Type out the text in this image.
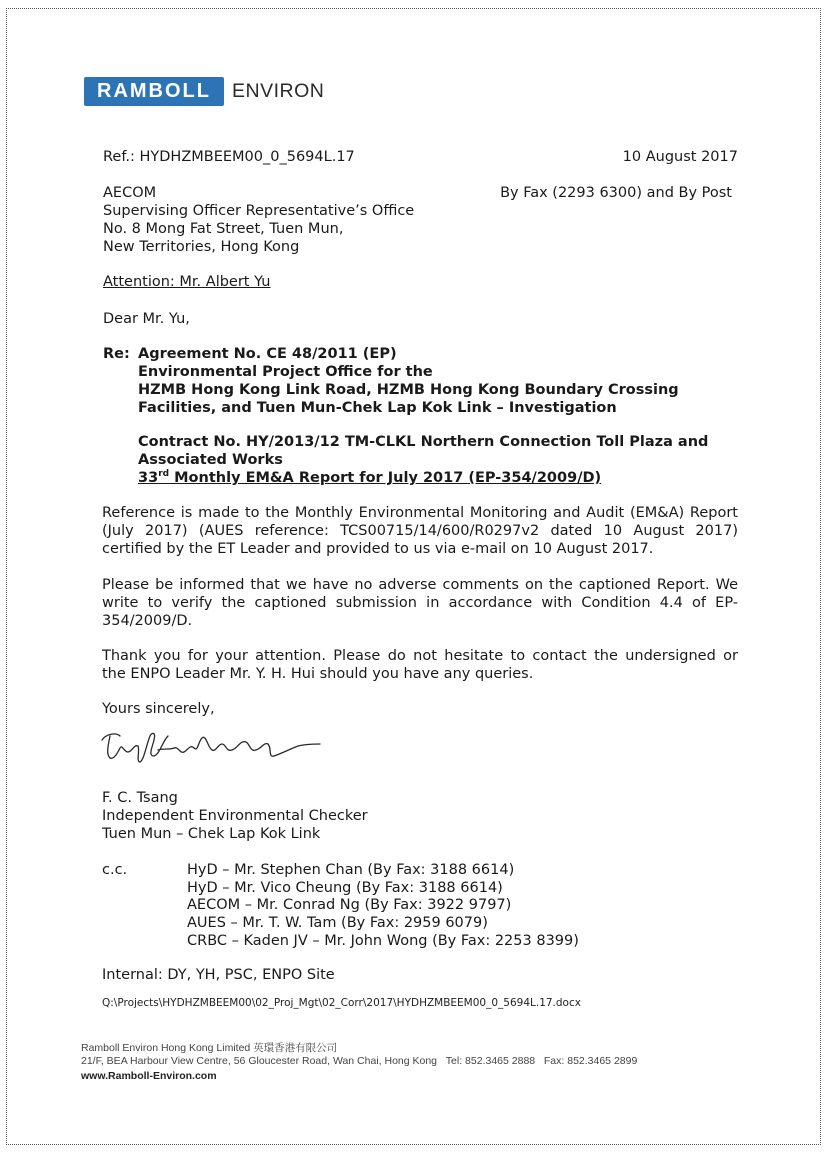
RAMBOLL	ENVIRON
Ref.: HYDHZMBEEM00_0_5694L.17	10 August 2017
By Fax (2293 6300) and By Post
AECOM
Supervising Officer Representative’s Office
No. 8 Mong Fat Street, Tuen Mun,
New Territories, Hong Kong
Attention: Mr. Albert Yu
Dear Mr. Yu,
Re: Agreement No. CE 48/2011 (EP)
Environmental Project Office for the
HZMB Hong Kong Link Road, HZMB Hong Kong Boundary Crossing
Facilities, and Tuen Mun-Chek Lap Kok Link – Investigation
Contract No. HY/2013/12 TM-CLKL Northern Connection Toll Plaza and
Associated Works
33rd Monthly EM&A Report for July 2017 (EP-354/2009/D)
Reference is made to the Monthly Environmental Monitoring and Audit (EM&A) Report
(July 2017) (AUES reference: TCS00715/14/600/R0297v2 dated 10 August 2017)
certified by the ET Leader and provided to us via e-mail on 10 August 2017.
Please be informed that we have no adverse comments on the captioned Report. We
write to verify the captioned submission in accordance with Condition 4.4 of EP-
354/2009/D.
Thank you for your attention. Please do not hesitate to contact the undersigned or
the ENPO Leader Mr. Y. H. Hui should you have any queries.
Yours sincerely,
F. C. Tsang
Independent Environmental Checker
Tuen Mun – Chek Lap Kok Link
c.c.	HyD – Mr. Stephen Chan (By Fax: 3188 6614)
HyD – Mr. Vico Cheung (By Fax: 3188 6614)
AECOM – Mr. Conrad Ng (By Fax: 3922 9797)
AUES – Mr. T. W. Tam (By Fax: 2959 6079)
CRBC – Kaden JV – Mr. John Wong (By Fax: 2253 8399)
Internal: DY, YH, PSC, ENPO Site
Q:\Projects\HYDHZMBEEM00\02_Proj_Mgt\02_Corr\2017\HYDHZMBEEM00_0_5694L.17.docx
Ramboll Environ Hong Kong Limited 英環香港有限公司
21/F, BEA Harbour View Centre, 56 Gloucester Road, Wan Chai, Hong Kong Tel: 852.3465 2888 Fax: 852.3465 2899
www.Ramboll-Environ.com
